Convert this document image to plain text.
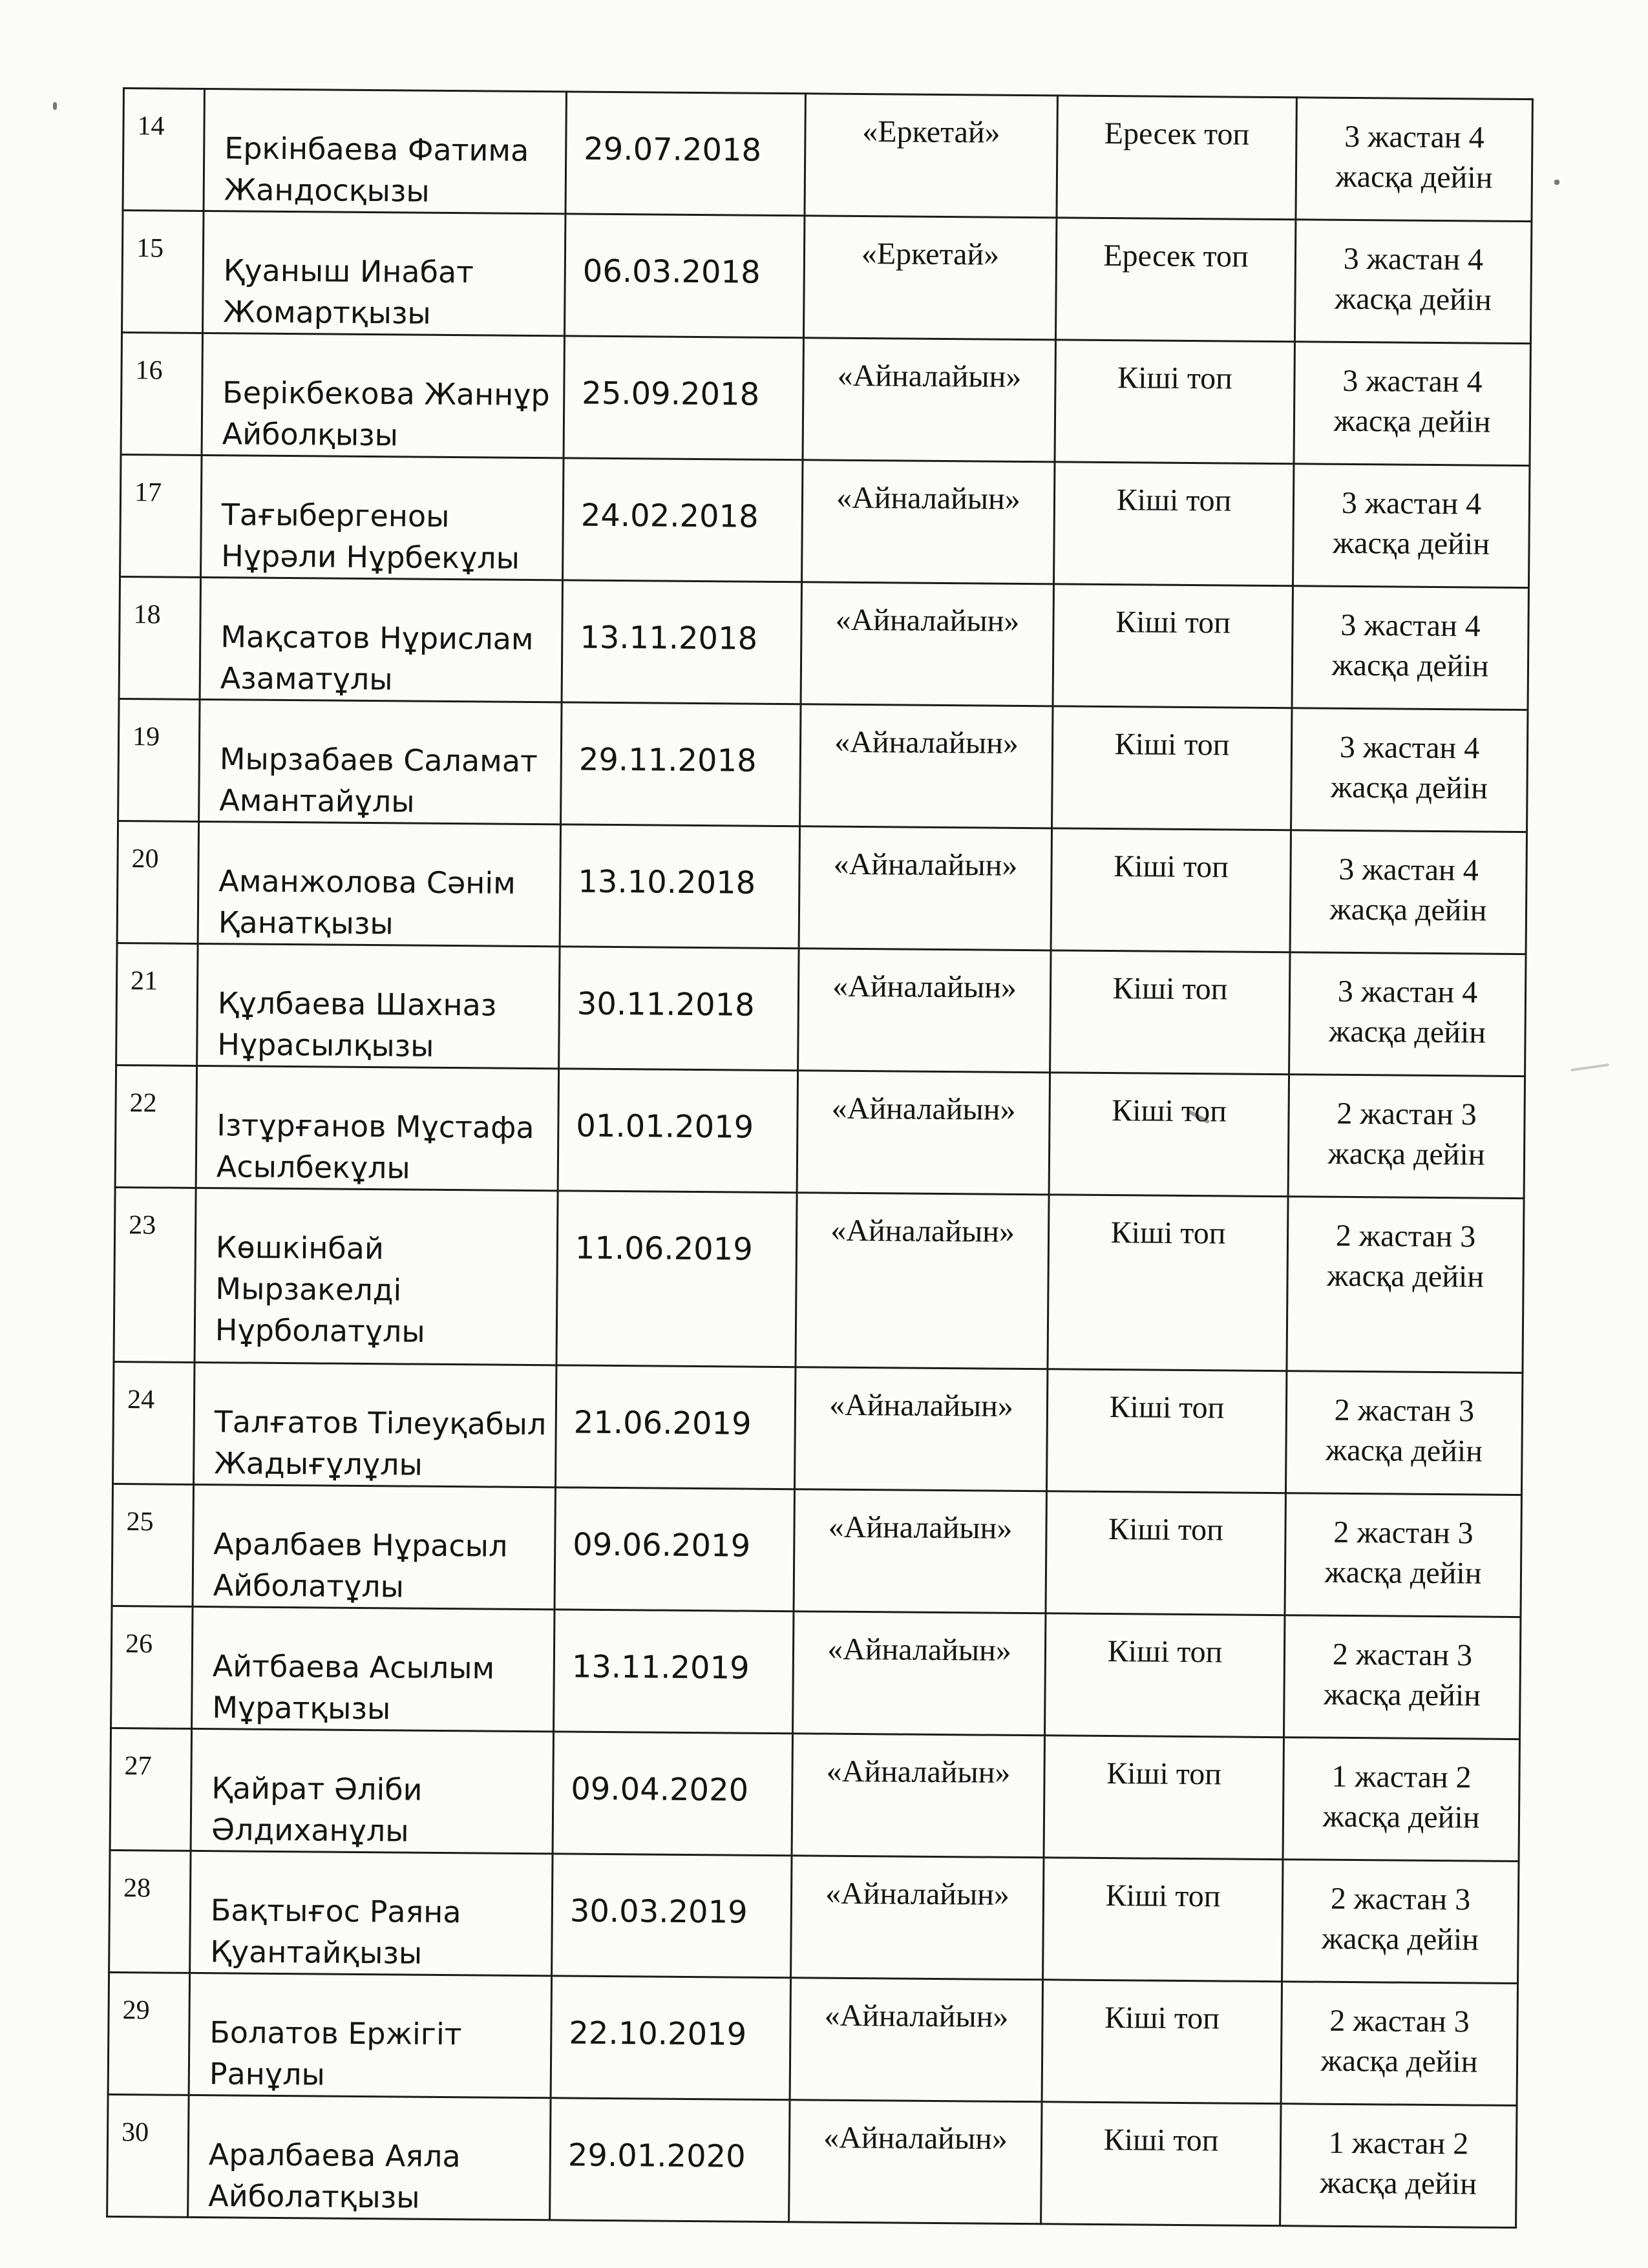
14	Еркінбаева Фатима Жандосқызы	29.07.2018	«Еркетай»	Ересек топ	3 жастан 4 жасқа дейін

15	Қуаныш Инабат Жомартқызы	06.03.2018	«Еркетай»	Ересек топ	3 жастан 4 жасқа дейін

16	Берікбекова Жаннұр Айболқызы	25.09.2018	«Айналайын»	Кіші топ	3 жастан 4 жасқа дейін

17	Тағыбергеноы Нұрәли Нұрбекұлы	24.02.2018	«Айналайын»	Кіші топ	3 жастан 4 жасқа дейін

18	Мақсатов Нұрислам Азаматұлы	13.11.2018	«Айналайын»	Кіші топ	3 жастан 4 жасқа дейін

19	Мырзабаев Саламат Амантайұлы	29.11.2018	«Айналайын»	Кіші топ	3 жастан 4 жасқа дейін

20	Аманжолова Сәнім Қанатқызы	13.10.2018	«Айналайын»	Кіші топ	3 жастан 4 жасқа дейін

21	Құлбаева Шахназ Нұрасылқызы	30.11.2018	«Айналайын»	Кіші топ	3 жастан 4 жасқа дейін

22	Ізтұрғанов Мұстафа Асылбекұлы	01.01.2019	«Айналайын»	Кіші топ	2 жастан 3 жасқа дейін

23	Көшкінбай Мырзакелді Нұрболатұлы	11.06.2019	«Айналайын»	Кіші топ	2 жастан 3 жасқа дейін

24	Талғатов Тілеуқабыл Жадығұлұлы	21.06.2019	«Айналайын»	Кіші топ	2 жастан 3 жасқа дейін

25	Аралбаев Нұрасыл Айболатұлы	09.06.2019	«Айналайын»	Кіші топ	2 жастан 3 жасқа дейін

26	Айтбаева Асылым Мұратқызы	13.11.2019	«Айналайын»	Кіші топ	2 жастан 3 жасқа дейін

27	Қайрат Әліби Әлдиханұлы	09.04.2020	«Айналайын»	Кіші топ	1 жастан 2 жасқа дейін

28	Бақтығос Раяна Қуантайқызы	30.03.2019	«Айналайын»	Кіші топ	2 жастан 3 жасқа дейін

29	Болатов Ержігіт Ранұлы	22.10.2019	«Айналайын»	Кіші топ	2 жастан 3 жасқа дейін

30	Аралбаева Аяла Айболатқызы	29.01.2020	«Айналайын»	Кіші топ	1 жастан 2 жасқа дейін
